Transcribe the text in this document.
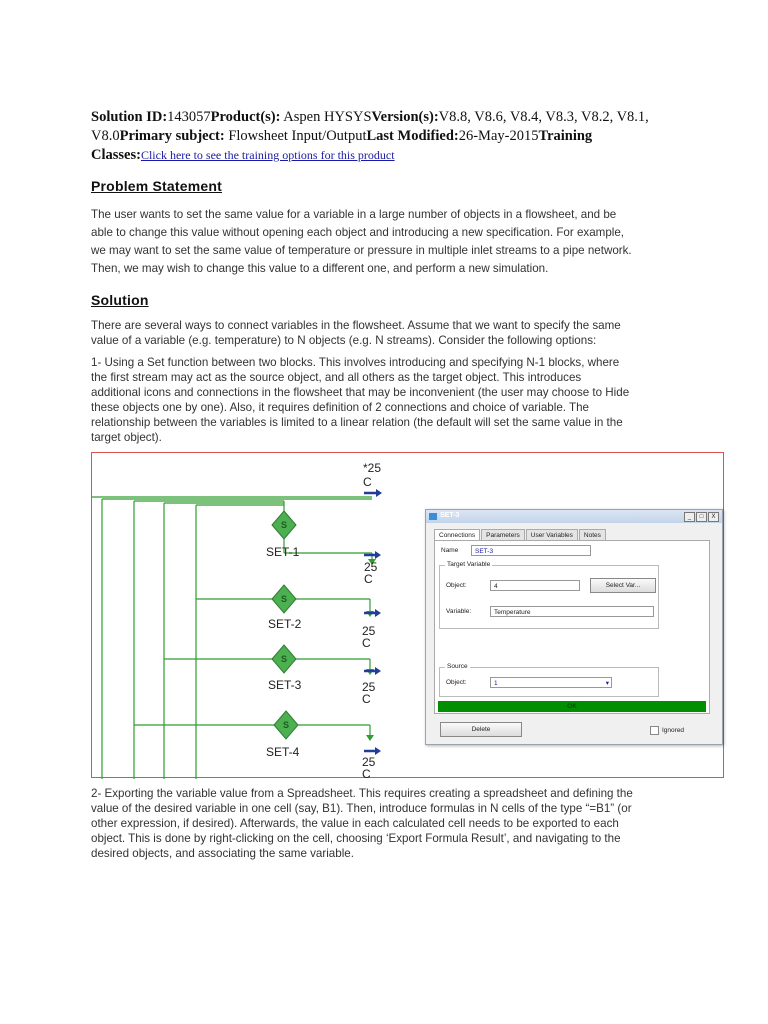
Solution ID:143057Product(s): Aspen HYSYSVersion(s):V8.8, V8.6, V8.4, V8.3, V8.2, V8.1,
V8.0Primary subject: Flowsheet Input/OutputLast Modified:26-May-2015Training
Classes:Click here to see the training options for this product
Problem Statement
The user wants to set the same value for a variable in a large number of objects in a flowsheet, and be
able to change this value without opening each object and introducing a new specification. For example,
we may want to set the same value of temperature or pressure in multiple inlet streams to a pipe network.
Then, we may wish to change this value to a different one, and perform a new simulation.
Solution
There are several ways to connect variables in the flowsheet. Assume that we want to specify the same
value of a variable (e.g. temperature) to N objects (e.g. N streams). Consider the following options:
1- Using a Set function between two blocks. This involves introducing and specifying N-1 blocks, where
the first stream may act as the source object, and all others as the target object. This introduces
additional icons and connections in the flowsheet that may be inconvenient (the user may choose to Hide
these objects one by one). Also, it requires definition of 2 connections and choice of variable. The
relationship between the variables is limited to a linear relation (the default will set the same value in the
target object).
*25
C
SET-1
25
C
SET-2	25
C
SET-3	25
C
SET-4
25
C
S
S
S
S
SET-3	_	□	X
Connections	Parameters	User Variables	Notes
Name	SET-3
Target Variable
Object:	4	Select Var...
Variable:	Temperature
Source
Object:	1	▾
OK
Delete	Ignored
2- Exporting the variable value from a Spreadsheet. This requires creating a spreadsheet and defining the
value of the desired variable in one cell (say, B1). Then, introduce formulas in N cells of the type “=B1” (or
other expression, if desired). Afterwards, the value in each calculated cell needs to be exported to each
object. This is done by right-clicking on the cell, choosing ‘Export Formula Result’, and navigating to the
desired objects, and associating the same variable.
